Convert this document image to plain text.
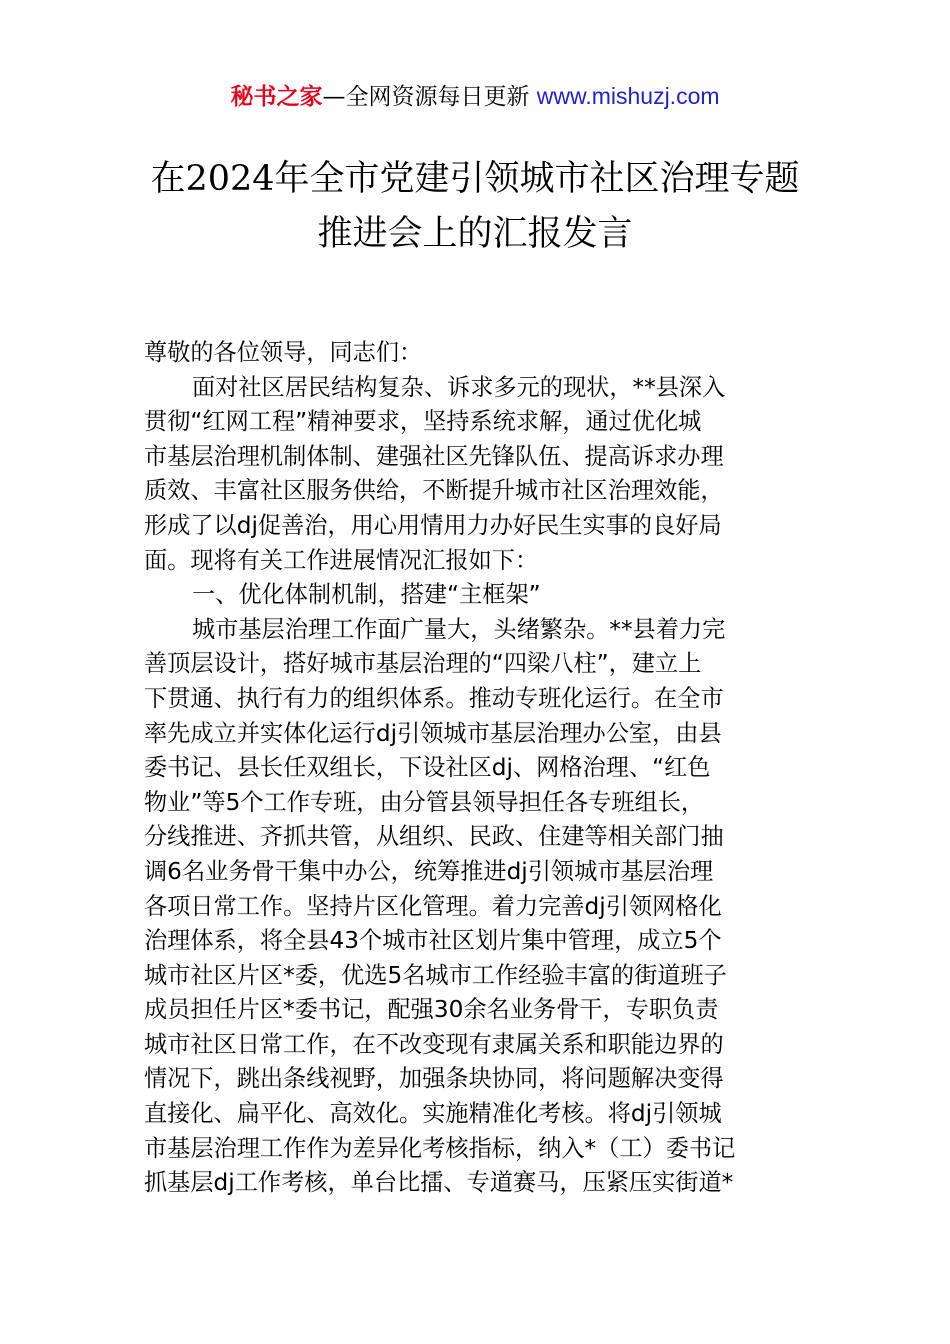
秘书之家—全网资源每日更新 www.mishuzj.com
在2024年全市党建引领城市社区治理专题
推进会上的汇报发言
尊敬的各位领导，同志们：
面对社区居民结构复杂、诉求多元的现状，**县深入
贯彻“红网工程”精神要求，坚持系统求解，通过优化城
市基层治理机制体制、建强社区先锋队伍、提高诉求办理
质效、丰富社区服务供给，不断提升城市社区治理效能，
形成了以dj促善治，用心用情用力办好民生实事的良好局
面。现将有关工作进展情况汇报如下：
一、优化体制机制，搭建“主框架”
城市基层治理工作面广量大，头绪繁杂。**县着力完
善顶层设计，搭好城市基层治理的“四梁八柱”，建立上
下贯通、执行有力的组织体系。推动专班化运行。在全市
率先成立并实体化运行dj引领城市基层治理办公室，由县
委书记、县长任双组长，下设社区dj、网格治理、“红色
物业”等5个工作专班，由分管县领导担任各专班组长，
分线推进、齐抓共管，从组织、民政、住建等相关部门抽
调6名业务骨干集中办公，统筹推进dj引领城市基层治理
各项日常工作。坚持片区化管理。着力完善dj引领网格化
治理体系，将全县43个城市社区划片集中管理，成立5个
城市社区片区*委，优选5名城市工作经验丰富的街道班子
成员担任片区*委书记，配强30余名业务骨干，专职负责
城市社区日常工作，在不改变现有隶属关系和职能边界的
情况下，跳出条线视野，加强条块协同，将问题解决变得
直接化、扁平化、高效化。实施精准化考核。将dj引领城
市基层治理工作作为差异化考核指标，纳入*（工）委书记
抓基层dj工作考核，单台比擂、专道赛马，压紧压实街道*
